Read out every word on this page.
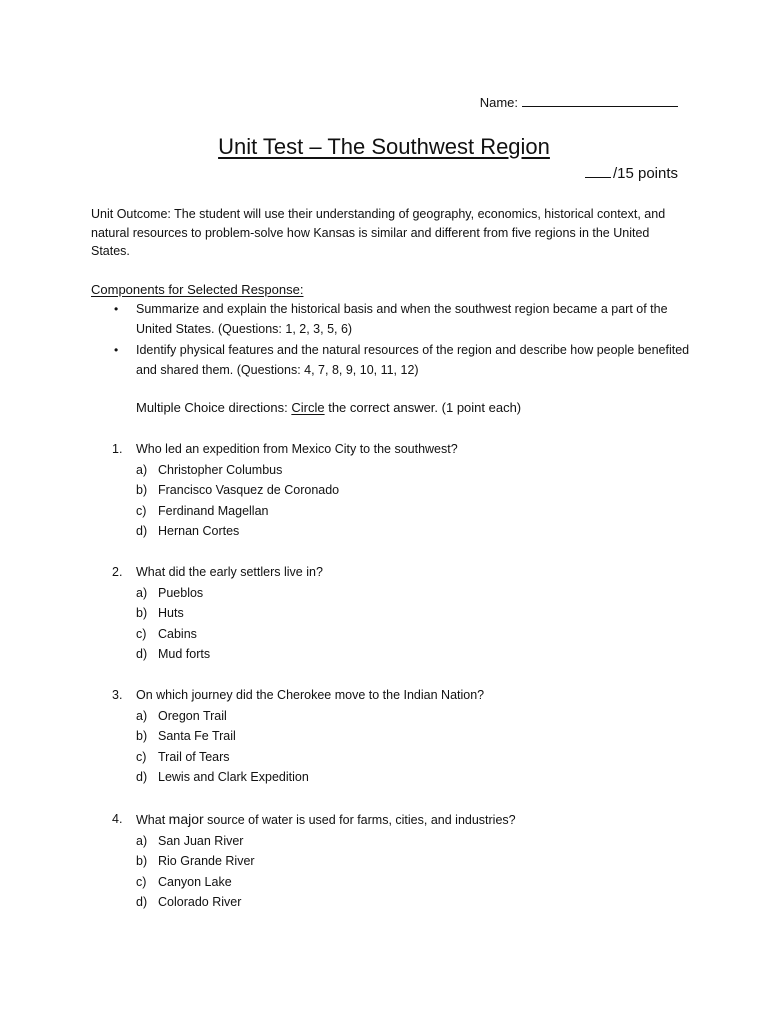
Name:
Unit Test – The Southwest Region
/15 points
Unit Outcome: The student will use their understanding of geography, economics, historical context, and natural resources to problem-solve how Kansas is similar and different from five regions in the United States.
Components for Selected Response:
• Summarize and explain the historical basis and when the southwest region became a part of the United States. (Questions: 1, 2, 3, 5, 6)
• Identify physical features and the natural resources of the region and describe how people benefited and shared them. (Questions: 4, 7, 8, 9, 10, 11, 12)
Multiple Choice directions: Circle the correct answer. (1 point each)
1. Who led an expedition from Mexico City to the southwest?
a) Christopher Columbus
b) Francisco Vasquez de Coronado
c) Ferdinand Magellan
d) Hernan Cortes
2. What did the early settlers live in?
a) Pueblos
b) Huts
c) Cabins
d) Mud forts
3. On which journey did the Cherokee move to the Indian Nation?
a) Oregon Trail
b) Santa Fe Trail
c) Trail of Tears
d) Lewis and Clark Expedition
4. What major source of water is used for farms, cities, and industries?
a) San Juan River
b) Rio Grande River
c) Canyon Lake
d) Colorado River
